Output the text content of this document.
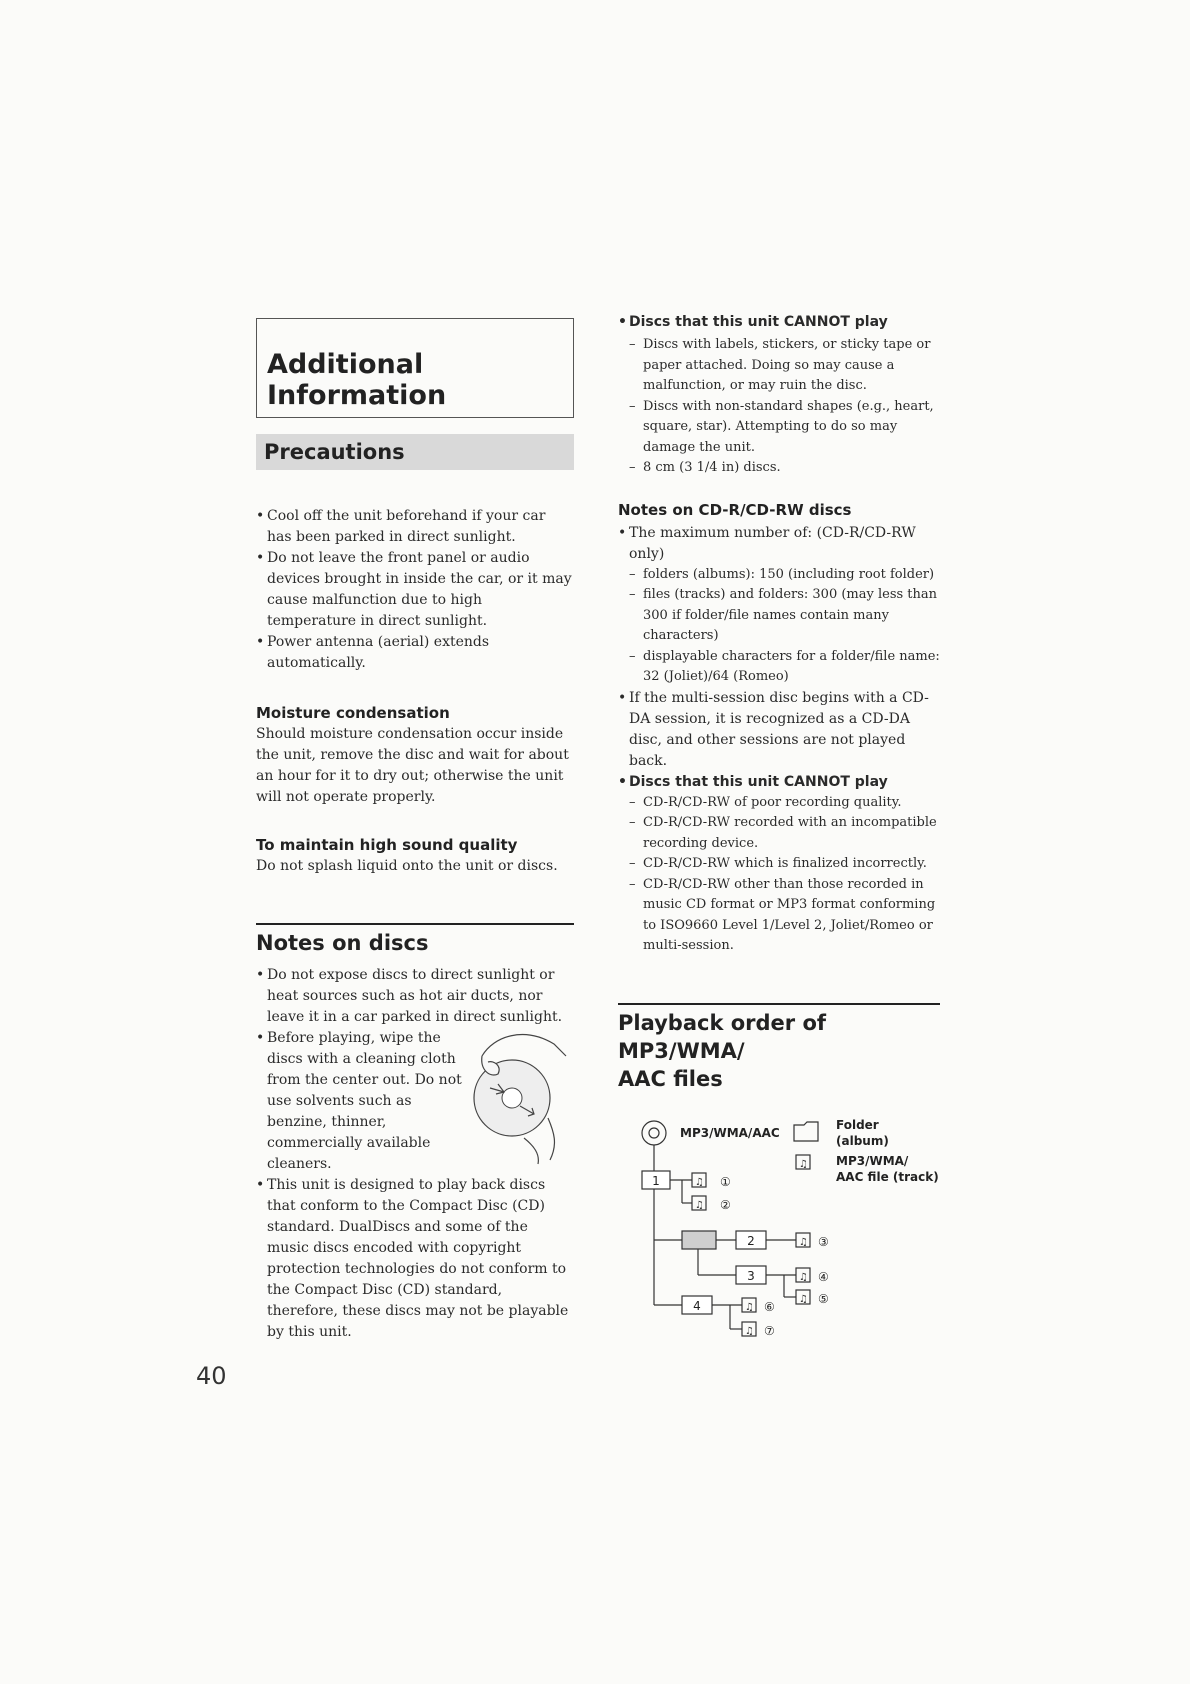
Additional
Information
Precautions
• Cool off the unit beforehand if your car has been parked in direct sunlight.
• Do not leave the front panel or audio devices brought in inside the car, or it may cause malfunction due to high temperature in direct sunlight.
• Power antenna (aerial) extends automatically.
Moisture condensation

Should moisture condensation occur inside the unit, remove the disc and wait for about an hour for it to dry out; otherwise the unit will not operate properly.

To maintain high sound quality

Do not splash liquid onto the unit or discs.

Notes on discs
• Do not expose discs to direct sunlight or heat sources such as hot air ducts, nor leave it in a car parked in direct sunlight.
• Before playing, wipe the
discs with a cleaning cloth
from the center out. Do not
use solvents such as
benzine, thinner,
commercially available
cleaners.
• This unit is designed to play back discs that conform to the Compact Disc (CD) standard. DualDiscs and some of the music discs encoded with copyright protection technologies do not conform to the Compact Disc (CD) standard, therefore, these discs may not be playable by this unit.
• Discs that this unit CANNOT play
– Discs with labels, stickers, or sticky tape or paper attached. Doing so may cause a malfunction, or may ruin the disc.
– Discs with non-standard shapes (e.g., heart, square, star). Attempting to do so may damage the unit.
– 8 cm (3 1/4 in) discs.
Notes on CD-R/CD-RW discs
• The maximum number of: (CD-R/CD-RW only)
– folders (albums): 150 (including root folder)
– files (tracks) and folders: 300 (may less than 300 if folder/file names contain many characters)
– displayable characters for a folder/file name: 32 (Joliet)/64 (Romeo)
• If the multi-session disc begins with a CD-DA session, it is recognized as a CD-DA disc, and other sessions are not played back.
• Discs that this unit CANNOT play
– CD-R/CD-RW of poor recording quality.
– CD-R/CD-RW recorded with an incompatible recording device.
– CD-R/CD-RW which is finalized incorrectly.
– CD-R/CD-RW other than those recorded in music CD format or MP3 format conforming to ISO9660 Level 1/Level 2, Joliet/Romeo or multi-session.
Playback order of MP3/WMA/
AAC files
MP3/WMA/AAC
Folder
(album)
♫ MP3/WMA/
AAC file (track)
1	♫ ①
♫ ②
2	♫ ③
3	♫ ④
♫ ⑤
4	♫ ⑥
♫ ⑦
40
